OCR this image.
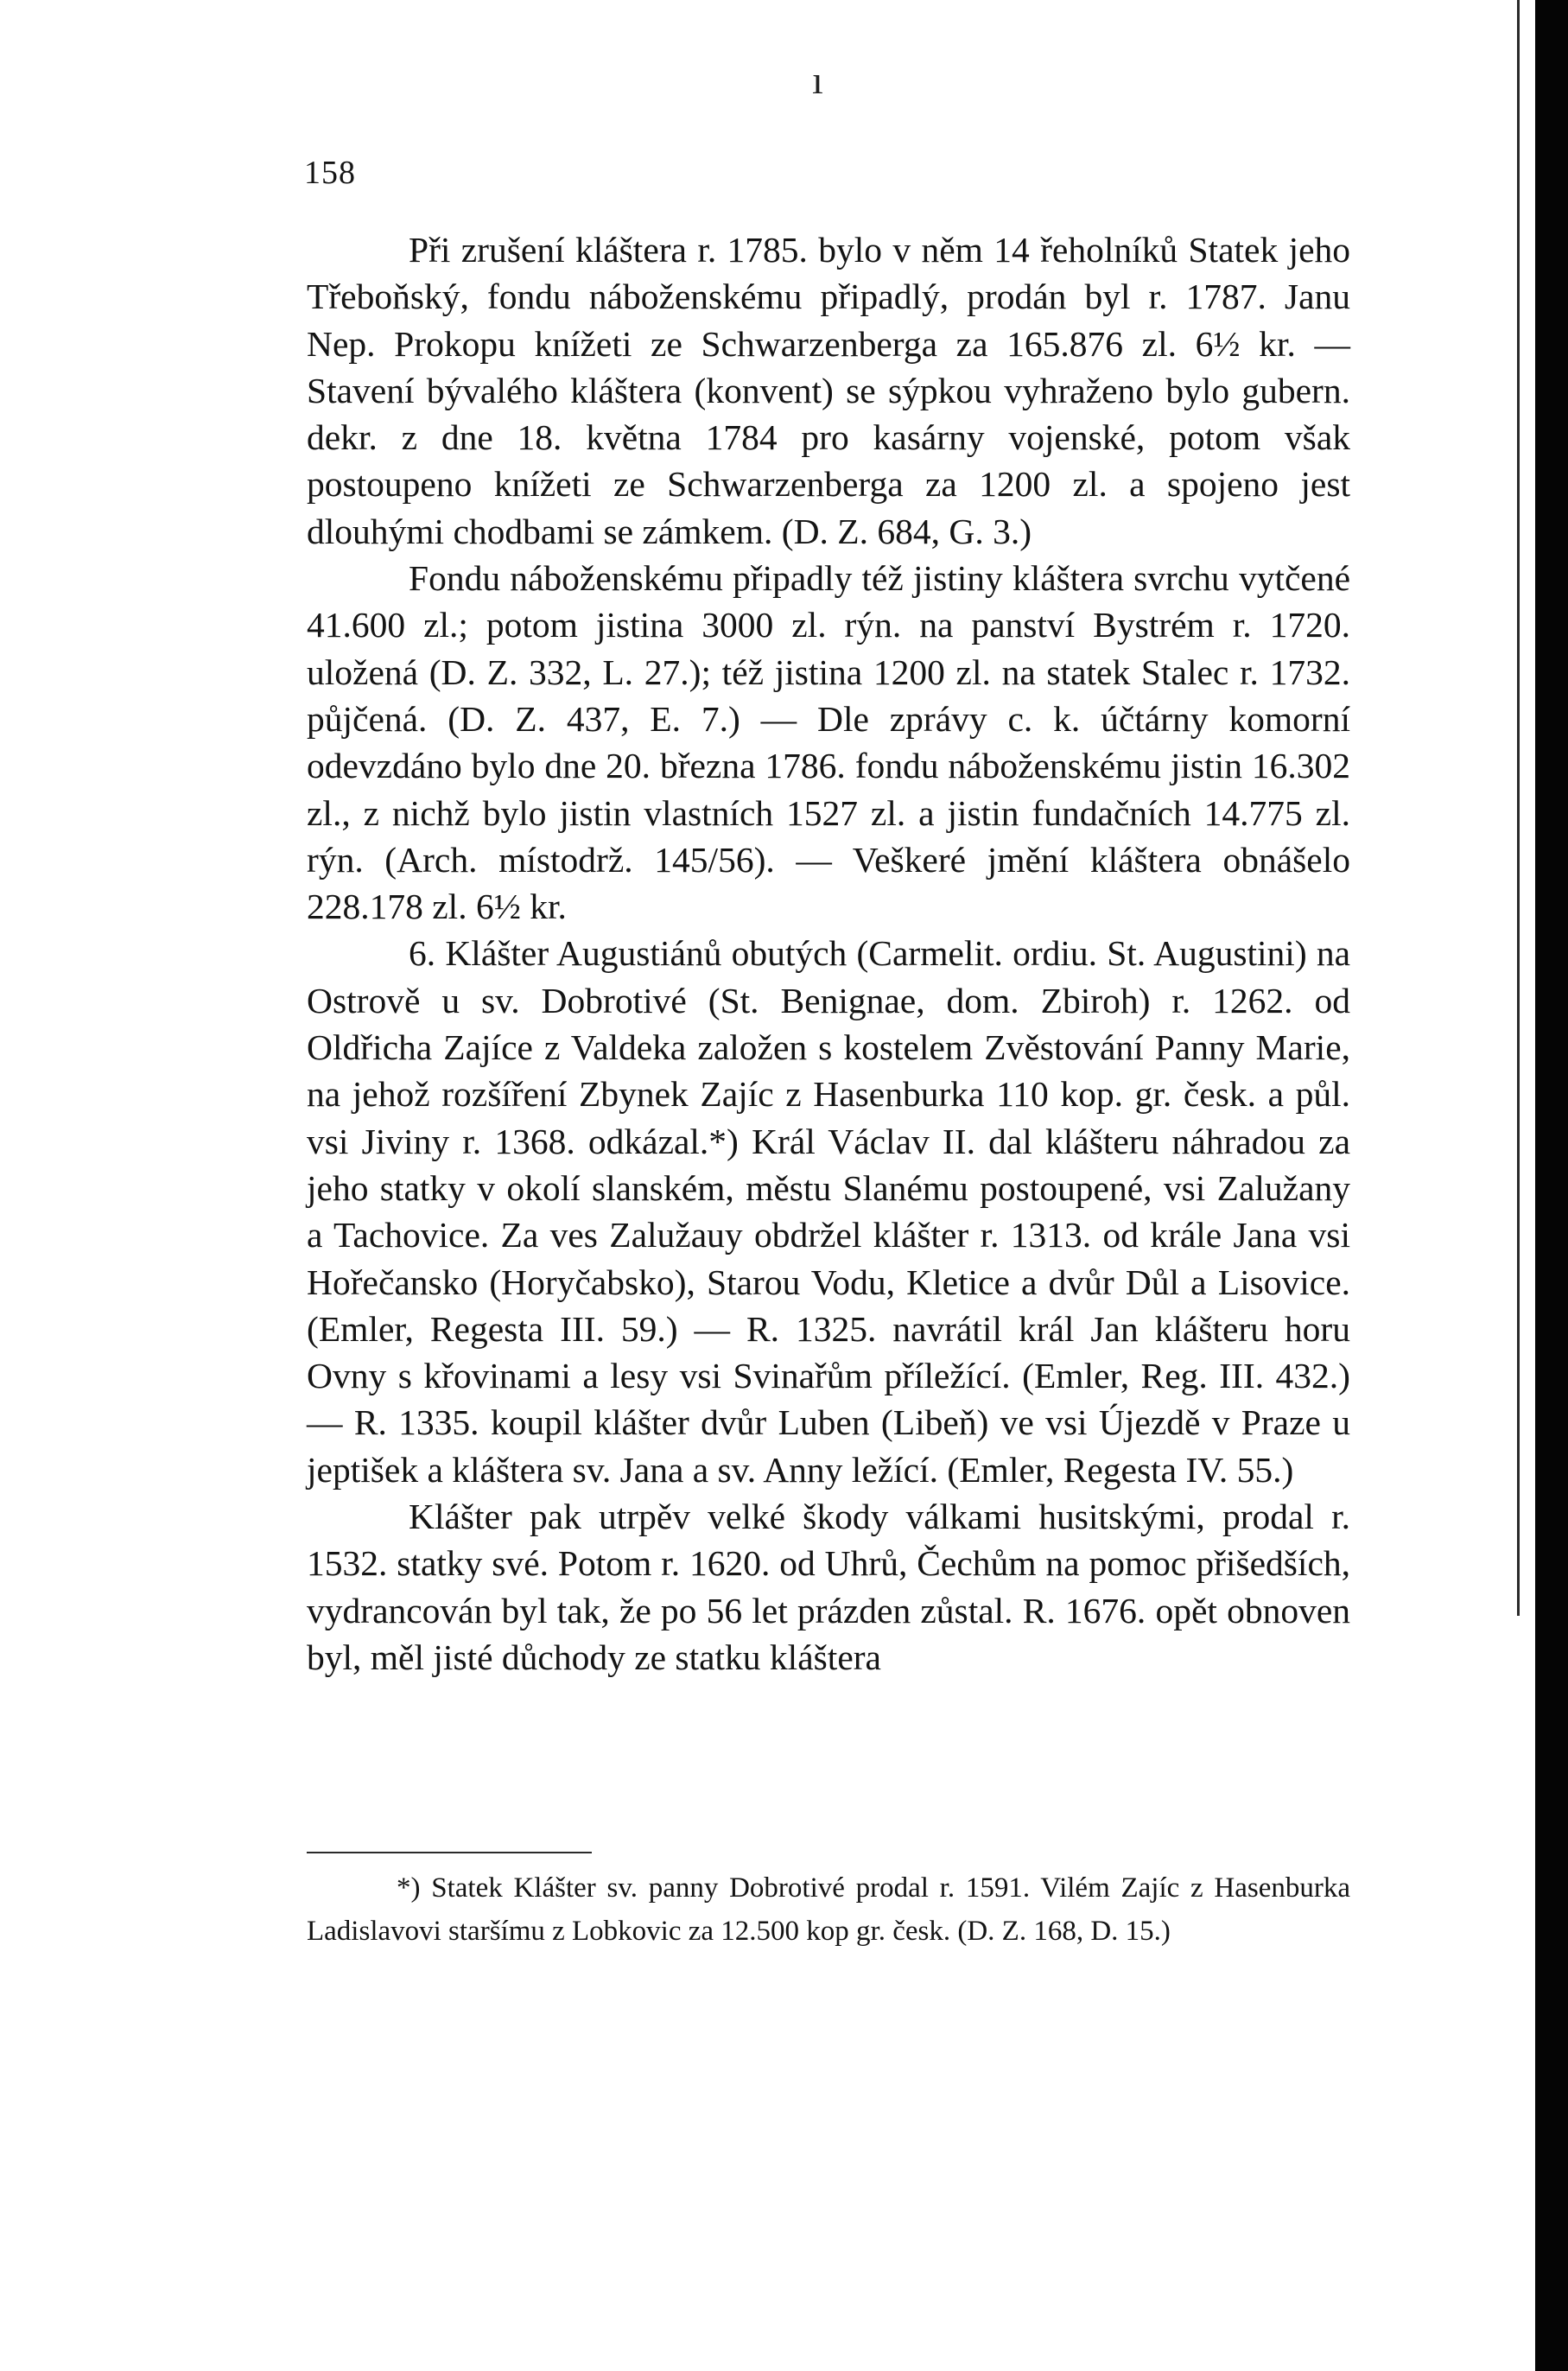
ı
158

Při zrušení kláštera r. 1785. bylo v něm 14 řeholníků Statek jeho Třeboňský, fondu náboženskému připadlý, prodán byl r. 1787. Janu Nep. Prokopu knížeti ze Schwarzenberga za 165.876 zl. 6½ kr. — Stavení bývalého kláštera (konvent) se sýpkou vyhraženo bylo gubern. dekr. z dne 18. května 1784 pro kasárny vojenské, potom však postoupeno knížeti ze Schwarzenberga za 1200 zl. a spojeno jest dlouhými chodbami se zámkem. (D. Z. 684, G. 3.)

Fondu náboženskému připadly též jistiny kláštera svrchu vytčené 41.600 zl.; potom jistina 3000 zl. rýn. na panství Bystrém r. 1720. uložená (D. Z. 332, L. 27.); též jistina 1200 zl. na statek Stalec r. 1732. půjčená. (D. Z. 437, E. 7.) — Dle zprávy c. k. účtárny komorní odevzdáno bylo dne 20. března 1786. fondu náboženskému jistin 16.302 zl., z nichž bylo jistin vlastních 1527 zl. a jistin fundačních 14.775 zl. rýn. (Arch. místodrž. 145/56). — Veškeré jmění kláštera obnášelo 228.178 zl. 6½ kr.

6. Klášter Augustiánů obutých (Carmelit. ordiu. St. Augustini) na Ostrově u sv. Dobrotivé (St. Benignae, dom. Zbiroh) r. 1262. od Oldřicha Zajíce z Valdeka založen s kostelem Zvěstování Panny Marie, na jehož rozšíření Zbynek Zajíc z Hasenburka 110 kop. gr. česk. a půl. vsi Jiviny r. 1368. odkázal.*) Král Václav II. dal klášteru náhradou za jeho statky v okolí slanském, městu Slanému postoupené, vsi Zalužany a Tachovice. Za ves Zalužauy obdržel klášter r. 1313. od krále Jana vsi Hořečansko (Horyčabsko), Starou Vodu, Kletice a dvůr Důl a Lisovice. (Emler, Regesta III. 59.) — R. 1325. navrátil král Jan klášteru horu Ovny s křovinami a lesy vsi Svinařům příležící. (Emler, Reg. III. 432.) — R. 1335. koupil klášter dvůr Luben (Libeň) ve vsi Újezdě v Praze u jeptišek a kláštera sv. Jana a sv. Anny ležící. (Emler, Regesta IV. 55.)

Klášter pak utrpěv velké škody válkami husitskými, prodal r. 1532. statky své. Potom r. 1620. od Uhrů, Čechům na pomoc přišedších, vydrancován byl tak, že po 56 let prázden zůstal. R. 1676. opět obnoven byl, měl jisté důchody ze statku kláštera

*) Statek Klášter sv. panny Dobrotivé prodal r. 1591. Vilém Zajíc z Hasenburka Ladislavovi staršímu z Lobkovic za 12.500 kop gr. česk. (D. Z. 168, D. 15.)
